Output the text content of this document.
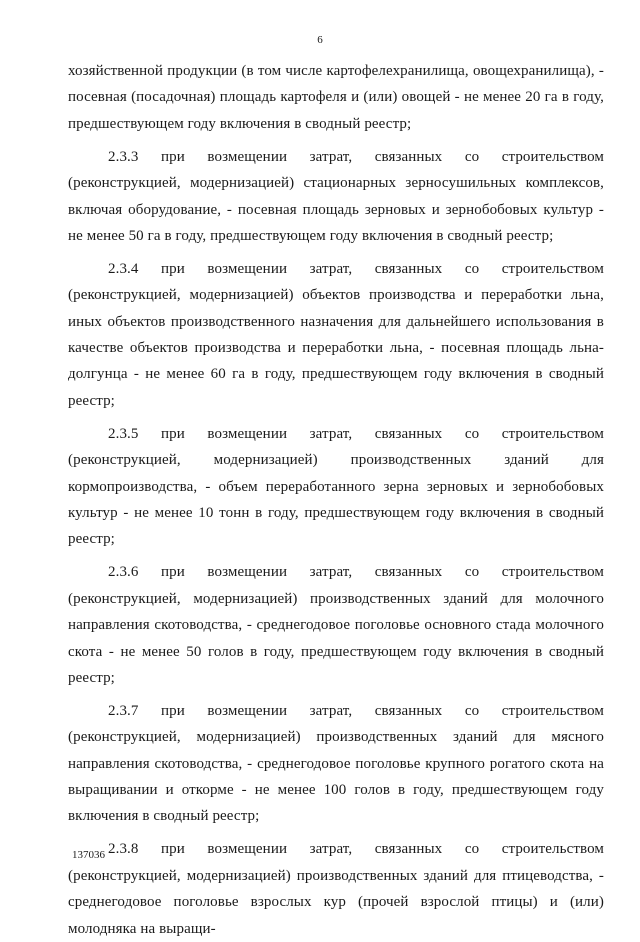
6

хозяйственной продукции (в том числе картофелехранилища, овощехранилища), - посевная (посадочная) площадь картофеля и (или) овощей - не менее 20 га в году, предшествующем году включения в сводный реестр;

2.3.3 при возмещении затрат, связанных со строительством (реконструкцией, модернизацией) стационарных зерносушильных комплексов, включая оборудование, - посевная площадь зерновых и зернобобовых культур - не менее 50 га в году, предшествующем году включения в сводный реестр;

2.3.4 при возмещении затрат, связанных со строительством (реконструкцией, модернизацией) объектов производства и переработки льна, иных объектов производственного назначения для дальнейшего использования в качестве объектов производства и переработки льна, - посевная площадь льна-долгунца - не менее 60 га в году, предшествующем году включения в сводный реестр;

2.3.5 при возмещении затрат, связанных со строительством (реконструкцией, модернизацией) производственных зданий для кормопроизводства, - объем переработанного зерна зерновых и зернобобовых культур - не менее 10 тонн в году, предшествующем году включения в сводный реестр;

2.3.6 при возмещении затрат, связанных со строительством (реконструкцией, модернизацией) производственных зданий для молочного направления скотоводства, - среднегодовое поголовье основного стада молочного скота - не менее 50 голов в году, предшествующем году включения в сводный реестр;

2.3.7 при возмещении затрат, связанных со строительством (реконструкцией, модернизацией) производственных зданий для мясного направления скотоводства, - среднегодовое поголовье крупного рогатого скота на выращивании и откорме - не менее 100 голов в году, предшествующем году включения в сводный реестр;

2.3.8 при возмещении затрат, связанных со строительством (реконструкцией, модернизацией) производственных зданий для птицеводства, - среднегодовое поголовье взрослых кур (прочей взрослой птицы) и (или) молодняка на выращи-

137036
